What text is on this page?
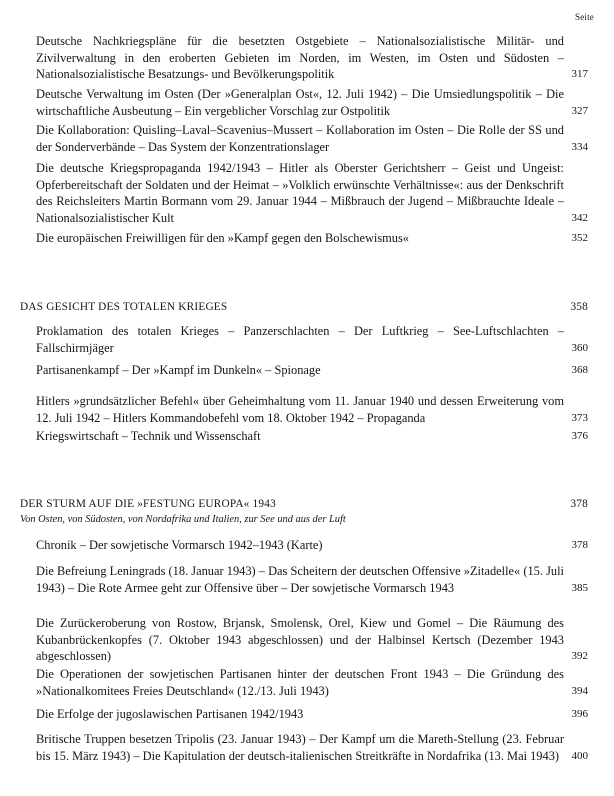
Seite
Deutsche Nachkriegspläne für die besetzten Ostgebiete – Nationalsozialistische Militär- und Zivilverwaltung in den eroberten Gebieten im Norden, im Westen, im Osten und Südosten – Nationalsozialistische Besatzungs- und Bevölkerungspolitik	317
Deutsche Verwaltung im Osten (Der »Generalplan Ost«, 12. Juli 1942) – Die Umsiedlungspolitik – Die wirtschaftliche Ausbeutung – Ein vergeblicher Vorschlag zur Ostpolitik	327
Die Kollaboration: Quisling–Laval–Scavenius–Mussert – Kollaboration im Osten – Die Rolle der SS und der Sonderverbände – Das System der Konzentrationslager	334
Die deutsche Kriegspropaganda 1942/1943 – Hitler als Oberster Gerichtsherr – Geist und Ungeist: Opferbereitschaft der Soldaten und der Heimat – »Volklich erwünschte Verhältnisse«: aus der Denkschrift des Reichsleiters Martin Bormann vom 29. Januar 1944 – Mißbrauch der Jugend – Mißbrauchte Ideale – Nationalsozialistischer Kult	342
Die europäischen Freiwilligen für den »Kampf gegen den Bolschewismus«	352
DAS GESICHT DES TOTALEN KRIEGES	358
Proklamation des totalen Krieges – Panzerschlachten – Der Luftkrieg – See-Luftschlachten – Fallschirmjäger	360
Partisanenkampf – Der »Kampf im Dunkeln« – Spionage	368
Hitlers »grundsätzlicher Befehl« über Geheimhaltung vom 11. Januar 1940 und dessen Erweiterung vom 12. Juli 1942 – Hitlers Kommandobefehl vom 18. Oktober 1942 – Propaganda	373
Kriegswirtschaft – Technik und Wissenschaft	376
DER STURM AUF DIE »FESTUNG EUROPA« 1943	378
Von Osten, von Südosten, von Nordafrika und Italien, zur See und aus der Luft
Chronik – Der sowjetische Vormarsch 1942–1943 (Karte)	378
Die Befreiung Leningrads (18. Januar 1943) – Das Scheitern der deutschen Offensive »Zitadelle« (15. Juli 1943) – Die Rote Armee geht zur Offensive über – Der sowjetische Vormarsch 1943	385
Die Zurückeroberung von Rostow, Brjansk, Smolensk, Orel, Kiew und Gomel – Die Räumung des Kubanbrückenkopfes (7. Oktober 1943 abgeschlossen) und der Halbinsel Kertsch (Dezember 1943 abgeschlossen)	392
Die Operationen der sowjetischen Partisanen hinter der deutschen Front 1943 – Die Gründung des »Nationalkomitees Freies Deutschland« (12./13. Juli 1943)	394
Die Erfolge der jugoslawischen Partisanen 1942/1943	396
Britische Truppen besetzen Tripolis (23. Januar 1943) – Der Kampf um die Mareth-Stellung (23. Februar bis 15. März 1943) – Die Kapitulation der deutsch-italienischen Streitkräfte in Nordafrika (13. Mai 1943)	400
